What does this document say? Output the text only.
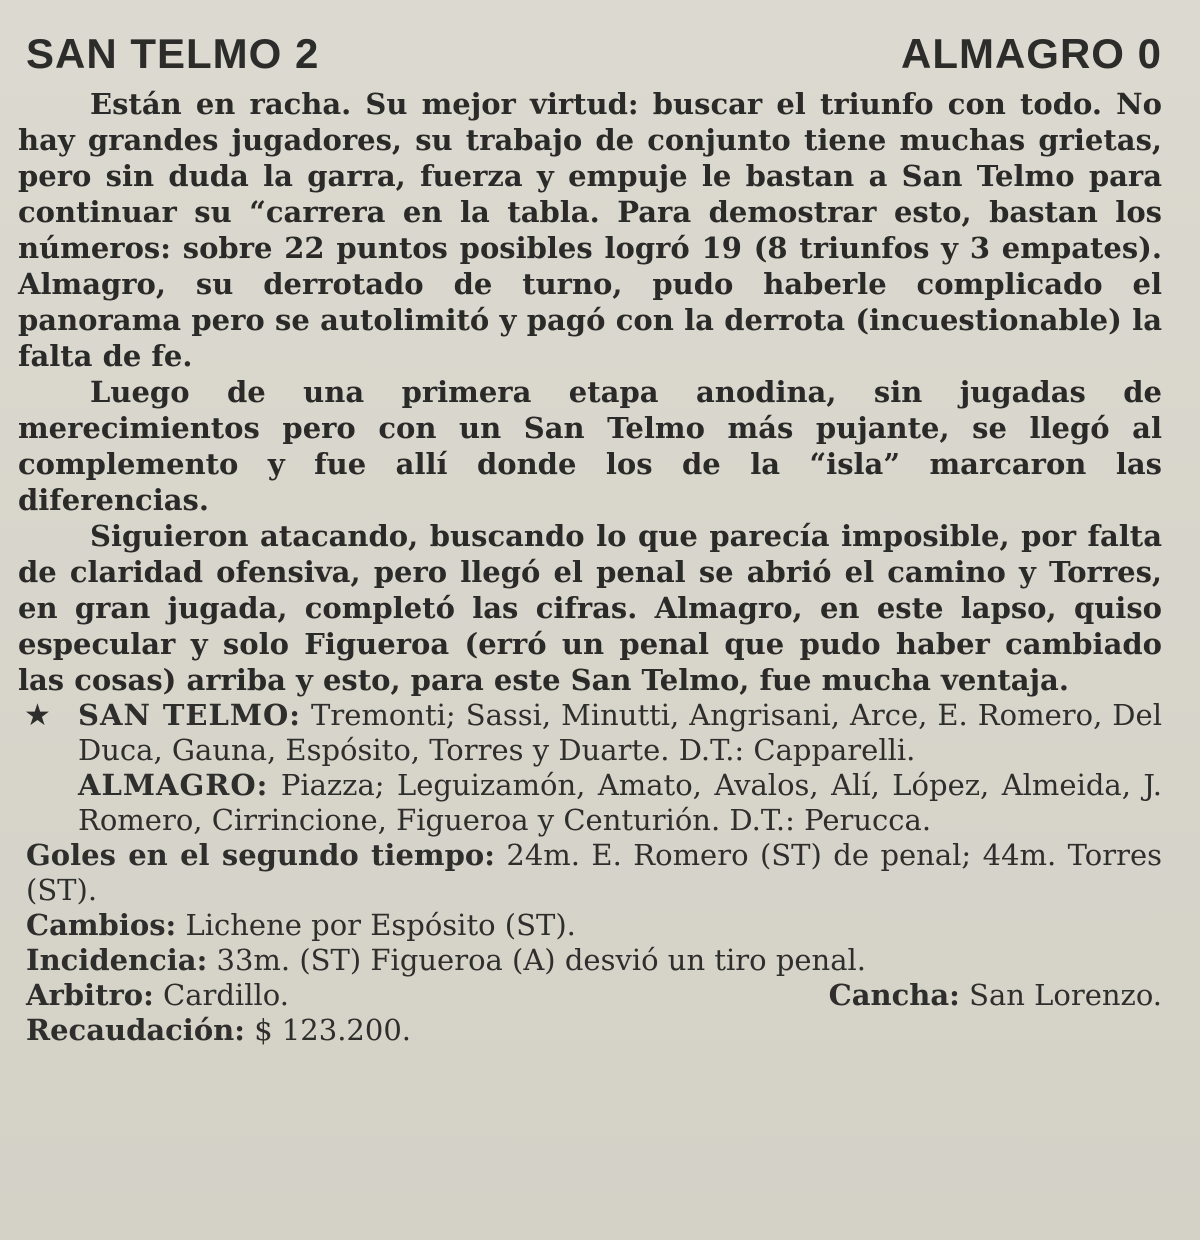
SAN TELMO 2	ALMAGRO 0

Están en racha. Su mejor virtud: buscar el triunfo con todo. No hay grandes jugadores, su trabajo de conjunto tiene muchas grietas, pero sin duda la garra, fuerza y empuje le bastan a San Telmo para continuar su “carrera en la tabla. Para demostrar esto, bastan los números: sobre 22 puntos posibles logró 19 (8 triunfos y 3 empates). Almagro, su derrotado de turno, pudo haberle complicado el panorama pero se autolimitó y pagó con la derrota (incuestionable) la falta de fe.

Luego de una primera etapa anodina, sin jugadas de merecimientos pero con un San Telmo más pujante, se llegó al complemento y fue allí donde los de la “isla” marcaron las diferencias.

Siguieron atacando, buscando lo que parecía imposible, por falta de claridad ofensiva, pero llegó el penal se abrió el camino y Torres, en gran jugada, completó las cifras. Almagro, en este lapso, quiso especular y solo Figueroa (erró un penal que pudo haber cambiado las cosas) arriba y esto, para este San Telmo, fue mucha ventaja.

★ SAN TELMO: Tremonti; Sassi, Minutti, Angrisani, Arce, E. Romero, Del Duca, Gauna, Espósito, Torres y Duarte. D.T.: Capparelli.

ALMAGRO: Piazza; Leguizamón, Amato, Avalos, Alí, López, Almeida, J. Romero, Cirrincione, Figueroa y Centurión. D.T.: Perucca.

Goles en el segundo tiempo: 24m. E. Romero (ST) de penal; 44m. Torres (ST).

Cambios: Lichene por Espósito (ST).

Incidencia: 33m. (ST) Figueroa (A) desvió un tiro penal.

Arbitro: Cardillo.	Cancha: San Lorenzo.

Recaudación: $ 123.200.
